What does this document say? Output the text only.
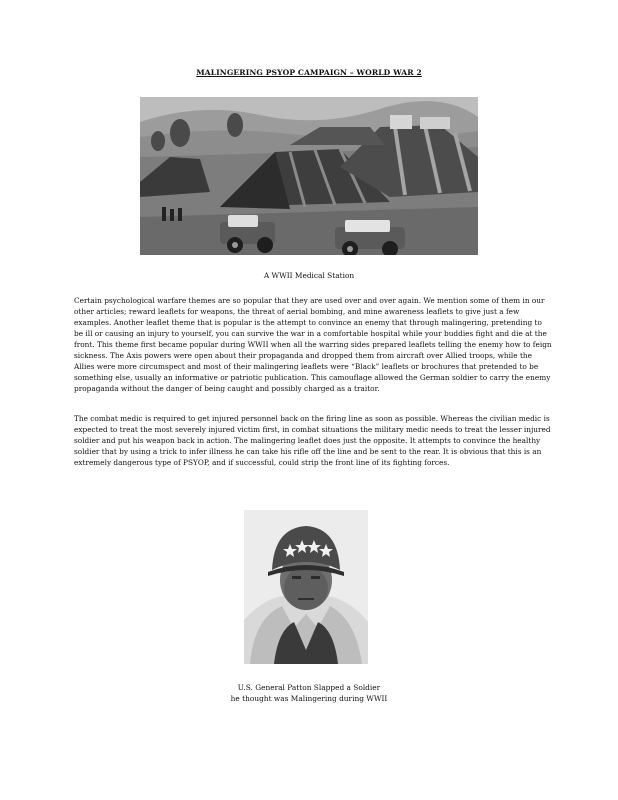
MALINGERING PSYOP CAMPAIGN – WORLD WAR 2
A WWII Medical Station

Certain psychological warfare themes are so popular that they are used over and over again. We mention some of them in our other articles; reward leaflets for weapons, the threat of aerial bombing, and mine awareness leaflets to give just a few examples. Another leaflet theme that is popular is the attempt to convince an enemy that through malingering, pretending to be ill or causing an injury to yourself, you can survive the war in a comfortable hospital while your buddies fight and die at the front. This theme first became popular during WWII when all the warring sides prepared leaflets telling the enemy how to feign sickness. The Axis powers were open about their propaganda and dropped them from aircraft over Allied troops, while the Allies were more circumspect and most of their malingering leaflets were “Black” leaflets or brochures that pretended to be something else, usually an informative or patriotic publication. This camouflage allowed the German soldier to carry the enemy propaganda without the danger of being caught and possibly charged as a traitor.

The combat medic is required to get injured personnel back on the firing line as soon as possible. Whereas the civilian medic is expected to treat the most severely injured victim first, in combat situations the military medic needs to treat the lesser injured soldier and put his weapon back in action. The malingering leaflet does just the opposite. It attempts to convince the healthy soldier that by using a trick to infer illness he can take his rifle off the line and be sent to the rear. It is obvious that this is an extremely dangerous type of PSYOP, and if successful, could strip the front line of its fighting forces.

U.S. General Patton Slapped a Soldier
he thought was Malingering during WWII
